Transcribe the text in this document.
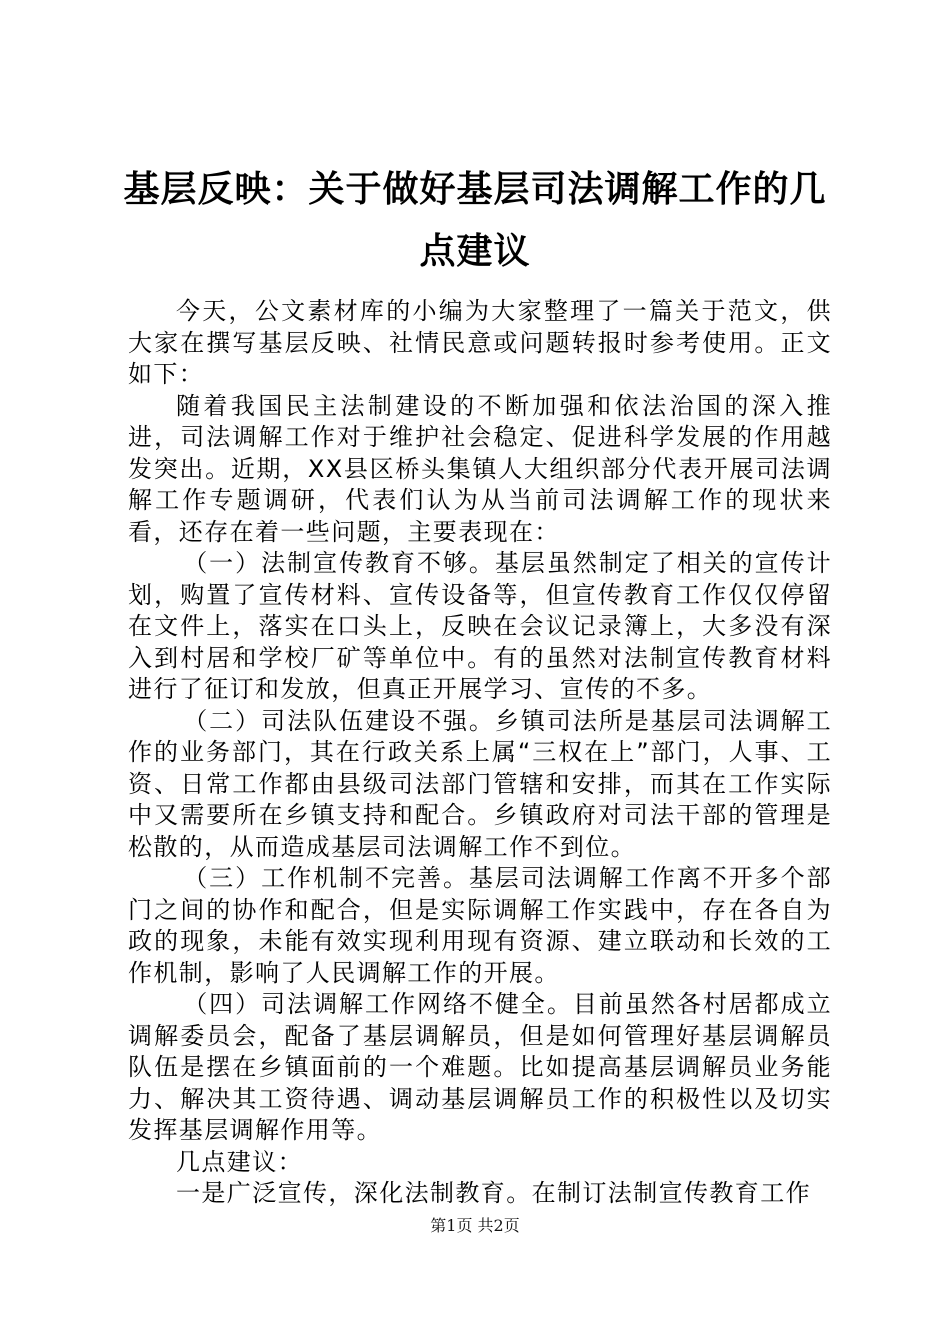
基层反映：关于做好基层司法调解工作的几点建议

今天，公文素材库的小编为大家整理了一篇关于范文，供大家在撰写基层反映、社情民意或问题转报时参考使用。正文如下：

随着我国民主法制建设的不断加强和依法治国的深入推进，司法调解工作对于维护社会稳定、促进科学发展的作用越发突出。近期，XX县区桥头集镇人大组织部分代表开展司法调解工作专题调研，代表们认为从当前司法调解工作的现状来看，还存在着一些问题，主要表现在：

（一）法制宣传教育不够。基层虽然制定了相关的宣传计划，购置了宣传材料、宣传设备等，但宣传教育工作仅仅停留在文件上，落实在口头上，反映在会议记录簿上，大多没有深入到村居和学校厂矿等单位中。有的虽然对法制宣传教育材料进行了征订和发放，但真正开展学习、宣传的不多。

（二）司法队伍建设不强。乡镇司法所是基层司法调解工作的业务部门，其在行政关系上属“三权在上”部门，人事、工资、日常工作都由县级司法部门管辖和安排，而其在工作实际中又需要所在乡镇支持和配合。乡镇政府对司法干部的管理是松散的，从而造成基层司法调解工作不到位。

（三）工作机制不完善。基层司法调解工作离不开多个部门之间的协作和配合，但是实际调解工作实践中，存在各自为政的现象，未能有效实现利用现有资源、建立联动和长效的工作机制，影响了人民调解工作的开展。

（四）司法调解工作网络不健全。目前虽然各村居都成立调解委员会，配备了基层调解员，但是如何管理好基层调解员队伍是摆在乡镇面前的一个难题。比如提高基层调解员业务能力、解决其工资待遇、调动基层调解员工作的积极性以及切实发挥基层调解作用等。

几点建议：

一是广泛宣传，深化法制教育。在制订法制宣传教育工作

第1页 共2页
